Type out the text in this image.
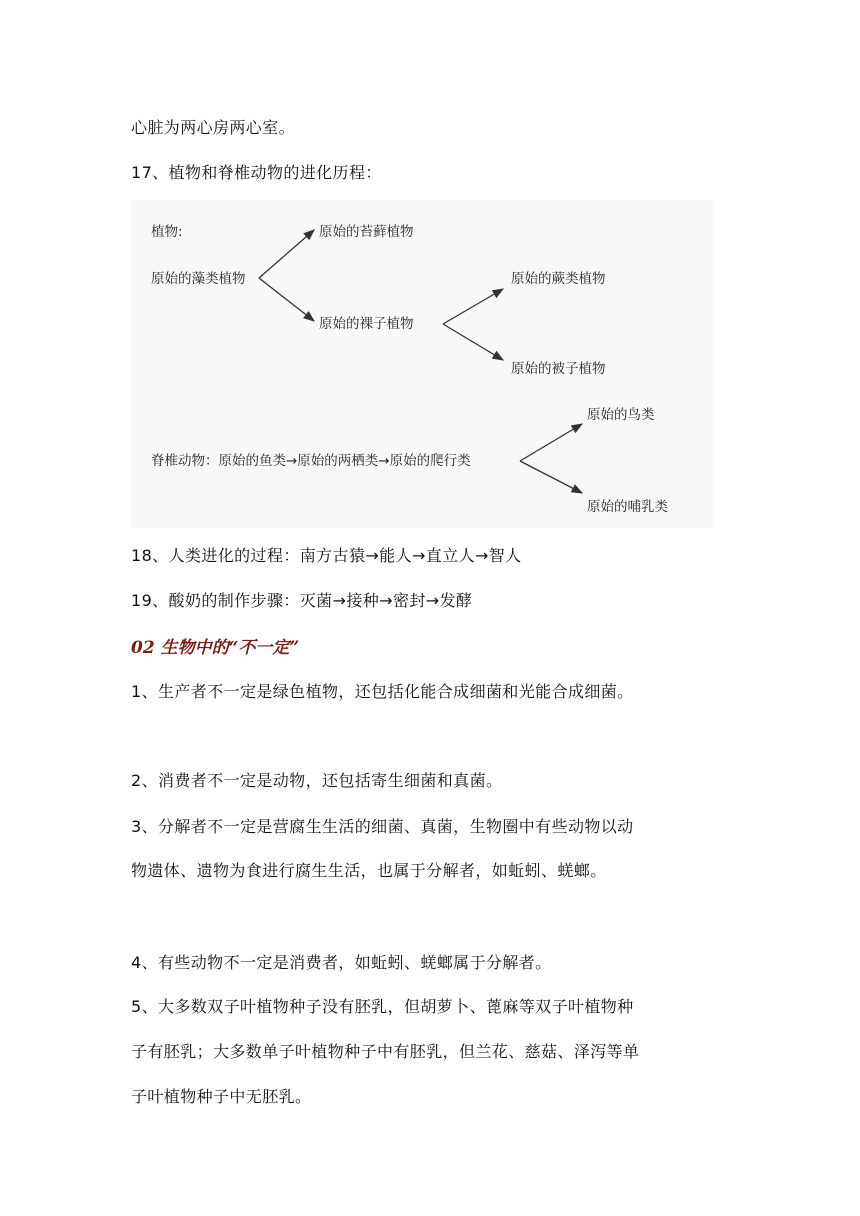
心脏为两心房两心室。
17、植物和脊椎动物的进化历程：
植物:
原始的藻类植物
原始的苔藓植物
原始的裸子植物
原始的蕨类植物
原始的被子植物
脊椎动物：原始的鱼类→原始的两栖类→原始的爬行类
原始的鸟类
原始的哺乳类
18、人类进化的过程：南方古猿→能人→直立人→智人
19、酸奶的制作步骤：灭菌→接种→密封→发酵
02 生物中的“不一定”
1、生产者不一定是绿色植物，还包括化能合成细菌和光能合成细菌。
2、消费者不一定是动物，还包括寄生细菌和真菌。
3、分解者不一定是营腐生生活的细菌、真菌，生物圈中有些动物以动
物遗体、遗物为食进行腐生生活，也属于分解者，如蚯蚓、蜣螂。
4、有些动物不一定是消费者，如蚯蚓、蜣螂属于分解者。
5、大多数双子叶植物种子没有胚乳，但胡萝卜、蓖麻等双子叶植物种
子有胚乳；大多数单子叶植物种子中有胚乳，但兰花、慈菇、泽泻等单
子叶植物种子中无胚乳。
